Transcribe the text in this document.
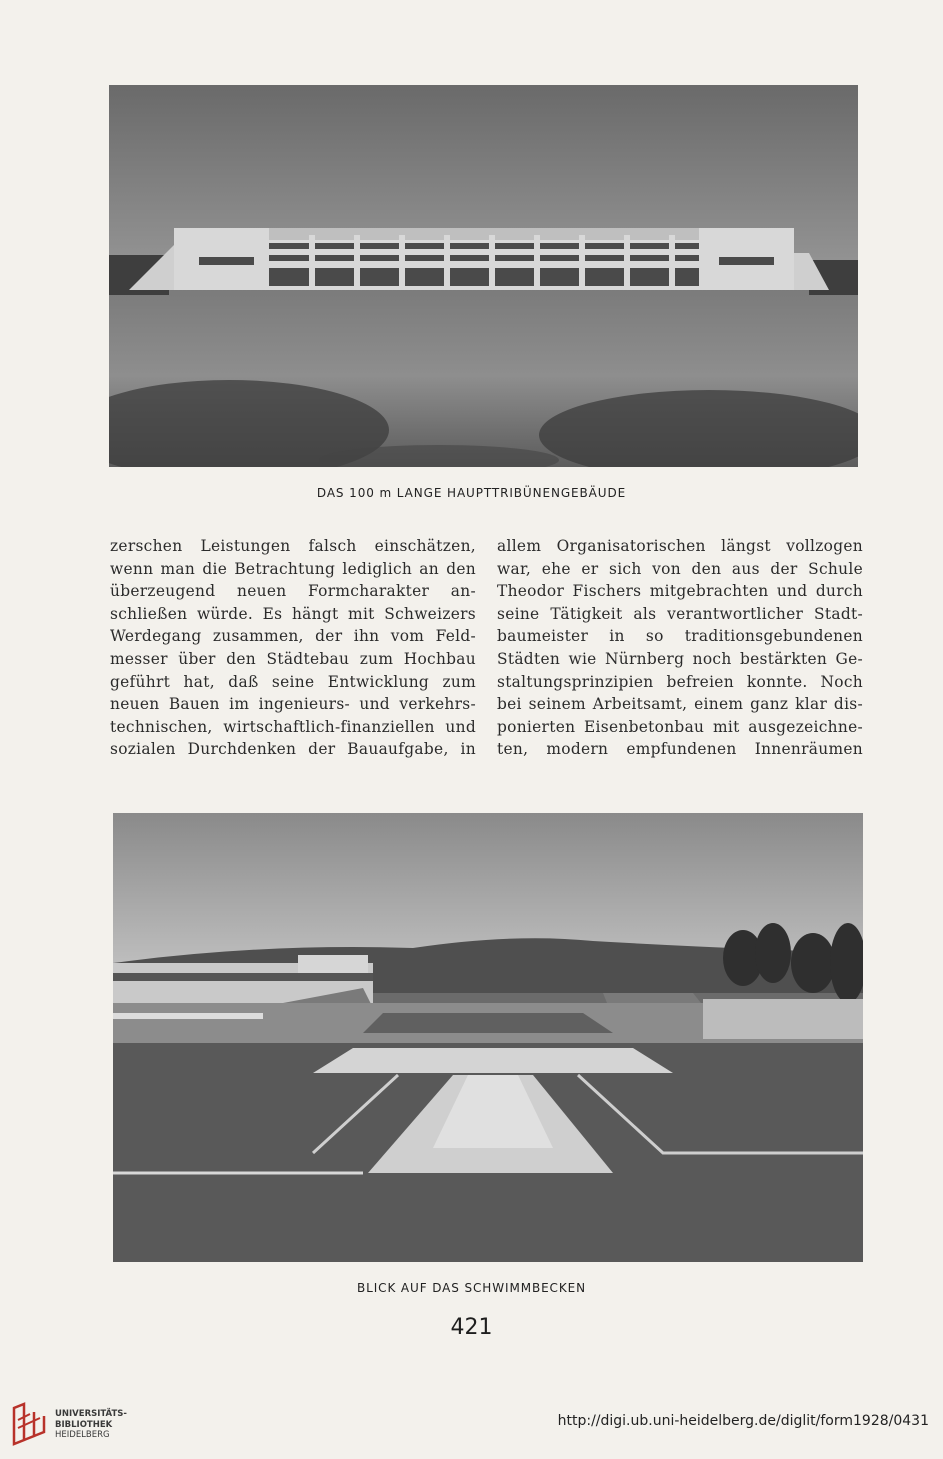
DAS 100 m LANGE HAUPTTRIBÜNENGEBÄUDE
zerschen Leistungen falsch einschätzen,
wenn man die Betrachtung lediglich an den
überzeugend neuen Formcharakter an-
schließen würde. Es hängt mit Schweizers
Werdegang zusammen, der ihn vom Feld-
messer über den Städtebau zum Hochbau
geführt hat, daß seine Entwicklung zum
neuen Bauen im ingenieurs- und verkehrs-
technischen, wirtschaftlich-finanziellen und
sozialen Durchdenken der Bauaufgabe, in
allem Organisatorischen längst vollzogen
war, ehe er sich von den aus der Schule
Theodor Fischers mitgebrachten und durch
seine Tätigkeit als verantwortlicher Stadt-
baumeister in so traditionsgebundenen
Städten wie Nürnberg noch bestärkten Ge-
staltungsprinzipien befreien konnte. Noch
bei seinem Arbeitsamt, einem ganz klar dis-
ponierten Eisenbetonbau mit ausgezeichne-
ten, modern empfundenen Innenräumen
BLICK AUF DAS SCHWIMMBECKEN
421
UNIVERSITÄTS-
BIBLIOTHEK
HEIDELBERG
http://digi.ub.uni-heidelberg.de/diglit/form1928/0431
